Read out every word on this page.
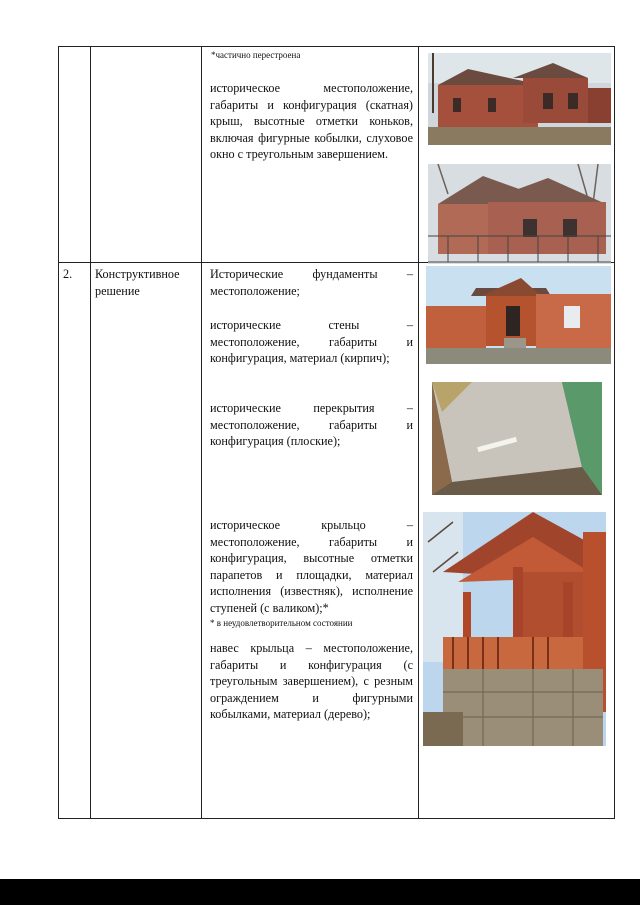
*частично перестроена
историческое местоположение, габариты и конфигурация (скатная) крыш, высотные отметки коньков, включая фигурные кобылки, слуховое окно с треугольным завершением.
2.	Конструктивное решение
Исторические фундаменты – местоположение;
исторические стены – местоположение, габариты и конфигурация, материал (кирпич);
исторические перекрытия – местоположение, габариты и конфигурация (плоские);
историческое крыльцо – местоположение, габариты и конфигурация, высотные отметки парапетов и площадки, материал исполнения (известняк), исполнение ступеней (с валиком);*
* в неудовлетворительном состоянии
навес крыльца – местоположение, габариты и конфигурация (с треугольным завершением), с резным ограждением и фигурными кобылками, материал (дерево);
